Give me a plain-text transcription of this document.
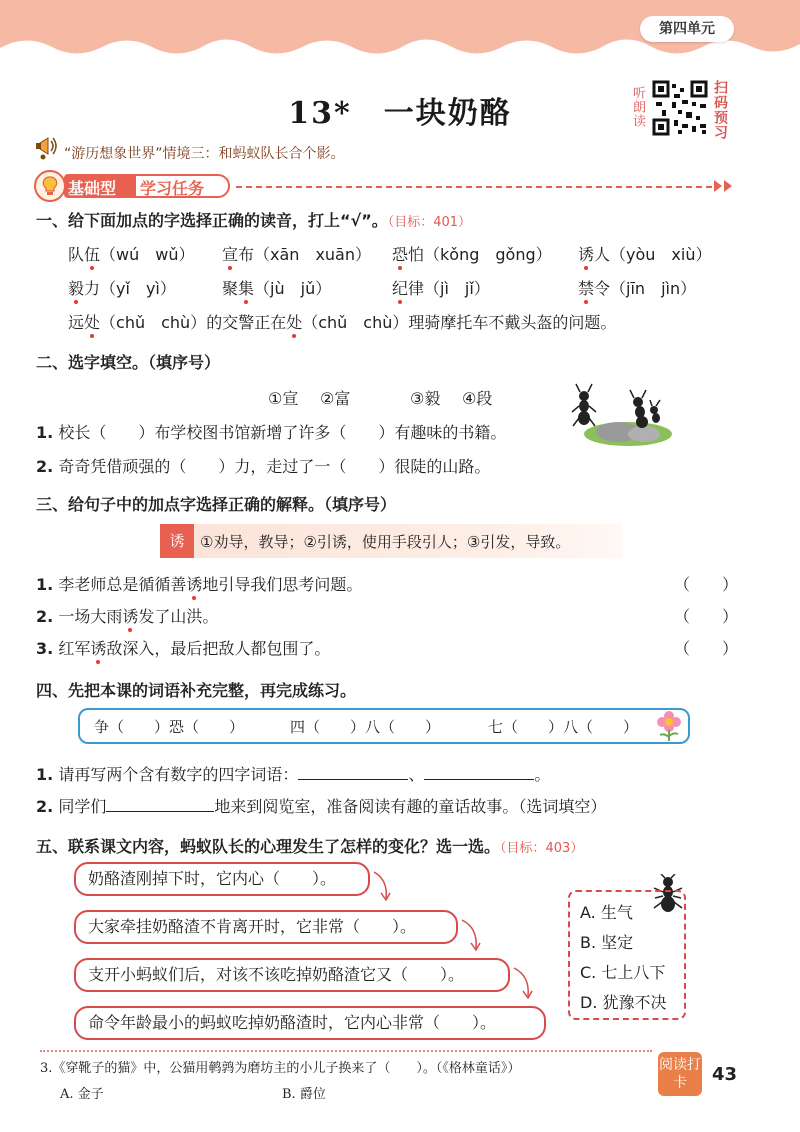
第四单元
13*　一块奶酪	听朗读	扫码预习
“游历想象世界”情境三：和蚂蚁队长合个影。
基础型 学习任务
一、给下面加点的字选择正确的读音，打上“√”。（目标：401）
队伍（wú　wǔ） 宣布（xān　xuān） 恐怕（kǒng　gǒng） 诱人（yòu　xiù）
毅力（yǐ　yì）	聚集（jù　jǔ）	纪律（jì　jǐ）	禁令（jīn　jìn）
远处（chǔ　chù）的交警正在处（chǔ　chù）理骑摩托车不戴头盔的问题。
二、选字填空。（填序号）
①宣 ②富	③毅 ④段
1. 校长（　　）布学校图书馆新增了许多（　　）有趣味的书籍。
2. 奇奇凭借顽强的（　　）力，走过了一（　　）很陡的山路。
三、给句子中的加点字选择正确的解释。（填序号）
诱	①劝导，教导；②引诱，使用手段引人；③引发，导致。
1. 李老师总是循循善诱地引导我们思考问题。	（　　）
2. 一场大雨诱发了山洪。	（　　）
3. 红军诱敌深入，最后把敌人都包围了。	（　　）
四、先把本课的词语补充完整，再完成练习。
争（　　）恐（　　）	四（　　）八（　　）	七（　　）八（　　）
1. 请再写两个含有数字的四字词语：	、	。
2. 同学们	地来到阅览室，准备阅读有趣的童话故事。（选词填空）
五、联系课文内容，蚂蚁队长的心理发生了怎样的变化？选一选。（目标：403）
奶酪渣刚掉下时，它内心（　　）。
大家牵挂奶酪渣不肯离开时，它非常（　　）。
支开小蚂蚁们后，对该不该吃掉奶酪渣它又（　　）。
命令年龄最小的蚂蚁吃掉奶酪渣时，它内心非常（　　）。
A. 生气
B. 坚定
C. 七上八下
D. 犹豫不决
3.《穿靴子的猫》中，公猫用鹌鹑为磨坊主的小儿子换来了（　　）。（《格林童话》）
A. 金子	B. 爵位
阅读打卡	43
